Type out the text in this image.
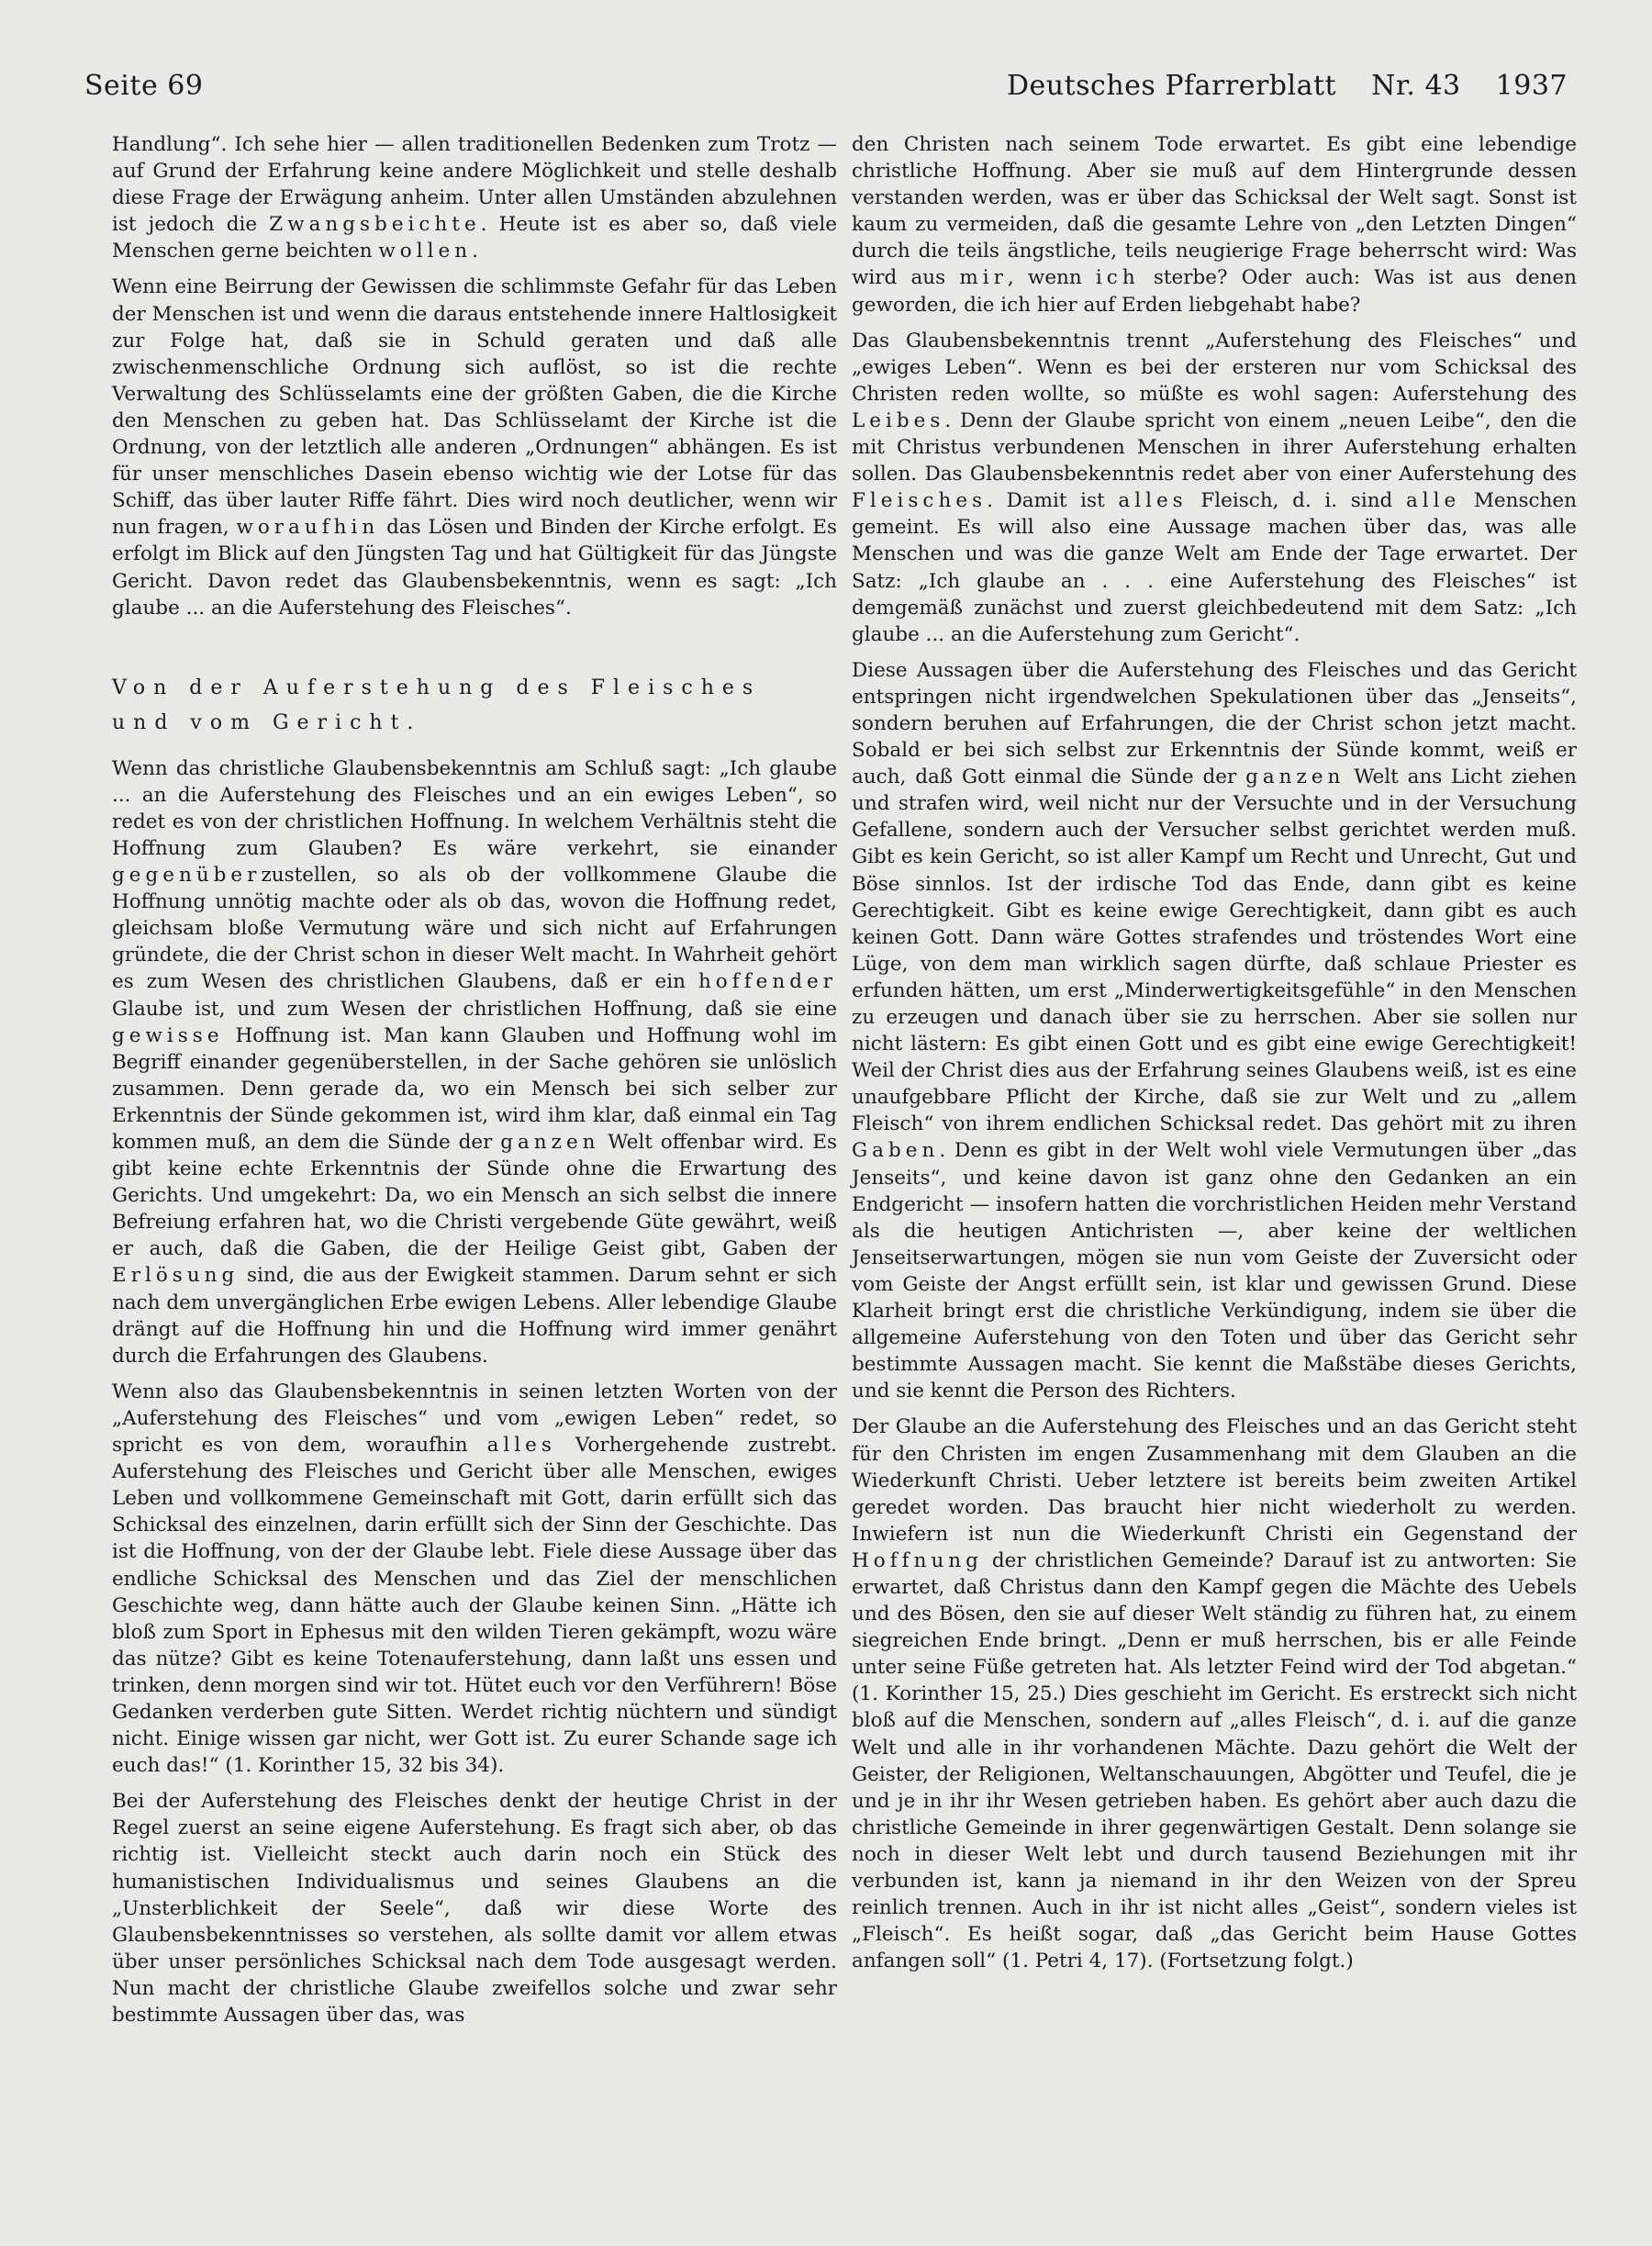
Seite 69	Deutsches Pfarrerblatt Nr. 43 1937

Handlung“. Ich sehe hier — allen traditionellen Bedenken zum Trotz — auf Grund der Erfahrung keine andere Möglichkeit und stelle deshalb diese Frage der Erwägung anheim. Unter allen Umständen abzulehnen ist jedoch die Zwangsbeichte. Heute ist es aber so, daß viele Menschen gerne beichten wollen.

Wenn eine Beirrung der Gewissen die schlimmste Gefahr für das Leben der Menschen ist und wenn die daraus entstehende innere Haltlosigkeit zur Folge hat, daß sie in Schuld geraten und daß alle zwischenmenschliche Ordnung sich auflöst, so ist die rechte Verwaltung des Schlüsselamts eine der größten Gaben, die die Kirche den Menschen zu geben hat. Das Schlüsselamt der Kirche ist die Ordnung, von der letztlich alle anderen „Ordnungen“ abhängen. Es ist für unser menschliches Dasein ebenso wichtig wie der Lotse für das Schiff, das über lauter Riffe fährt. Dies wird noch deutlicher, wenn wir nun fragen, woraufhin das Lösen und Binden der Kirche erfolgt. Es erfolgt im Blick auf den Jüngsten Tag und hat Gültigkeit für das Jüngste Gericht. Davon redet das Glaubensbekenntnis, wenn es sagt: „Ich glaube ... an die Auferstehung des Fleisches“.

Von der Auferstehung des Fleisches
und vom Gericht.

Wenn das christliche Glaubensbekenntnis am Schluß sagt: „Ich glaube ... an die Auferstehung des Fleisches und an ein ewiges Leben“, so redet es von der christlichen Hoffnung. In welchem Verhältnis steht die Hoffnung zum Glauben? Es wäre verkehrt, sie einander gegenüberzustellen, so als ob der vollkommene Glaube die Hoffnung unnötig machte oder als ob das, wovon die Hoffnung redet, gleichsam bloße Vermutung wäre und sich nicht auf Erfahrungen gründete, die der Christ schon in dieser Welt macht. In Wahrheit gehört es zum Wesen des christlichen Glaubens, daß er ein hoffender Glaube ist, und zum Wesen der christlichen Hoffnung, daß sie eine gewisse Hoffnung ist. Man kann Glauben und Hoffnung wohl im Begriff einander gegenüberstellen, in der Sache gehören sie unlöslich zusammen. Denn gerade da, wo ein Mensch bei sich selber zur Erkenntnis der Sünde gekommen ist, wird ihm klar, daß einmal ein Tag kommen muß, an dem die Sünde der ganzen Welt offenbar wird. Es gibt keine echte Erkenntnis der Sünde ohne die Erwartung des Gerichts. Und umgekehrt: Da, wo ein Mensch an sich selbst die innere Befreiung erfahren hat, wo die Christi vergebende Güte gewährt, weiß er auch, daß die Gaben, die der Heilige Geist gibt, Gaben der Erlösung sind, die aus der Ewigkeit stammen. Darum sehnt er sich nach dem unvergänglichen Erbe ewigen Lebens. Aller lebendige Glaube drängt auf die Hoffnung hin und die Hoffnung wird immer genährt durch die Erfahrungen des Glaubens.

Wenn also das Glaubensbekenntnis in seinen letzten Worten von der „Auferstehung des Fleisches“ und vom „ewigen Leben“ redet, so spricht es von dem, woraufhin alles Vorhergehende zustrebt. Auferstehung des Fleisches und Gericht über alle Menschen, ewiges Leben und vollkommene Gemeinschaft mit Gott, darin erfüllt sich das Schicksal des einzelnen, darin erfüllt sich der Sinn der Geschichte. Das ist die Hoffnung, von der der Glaube lebt. Fiele diese Aussage über das endliche Schicksal des Menschen und das Ziel der menschlichen Geschichte weg, dann hätte auch der Glaube keinen Sinn. „Hätte ich bloß zum Sport in Ephesus mit den wilden Tieren gekämpft, wozu wäre das nütze? Gibt es keine Totenauferstehung, dann laßt uns essen und trinken, denn morgen sind wir tot. Hütet euch vor den Verführern! Böse Gedanken verderben gute Sitten. Werdet richtig nüchtern und sündigt nicht. Einige wissen gar nicht, wer Gott ist. Zu eurer Schande sage ich euch das!“ (1. Korinther 15, 32 bis 34).

Bei der Auferstehung des Fleisches denkt der heutige Christ in der Regel zuerst an seine eigene Auferstehung. Es fragt sich aber, ob das richtig ist. Vielleicht steckt auch darin noch ein Stück des humanistischen Individualismus und seines Glaubens an die „Unsterblichkeit der Seele“, daß wir diese Worte des Glaubensbekenntnisses so verstehen, als sollte damit vor allem etwas über unser persönliches Schicksal nach dem Tode ausgesagt werden. Nun macht der christliche Glaube zweifellos solche und zwar sehr bestimmte Aussagen über das, was

den Christen nach seinem Tode erwartet. Es gibt eine lebendige christliche Hoffnung. Aber sie muß auf dem Hintergrunde dessen verstanden werden, was er über das Schicksal der Welt sagt. Sonst ist kaum zu vermeiden, daß die gesamte Lehre von „den Letzten Dingen“ durch die teils ängstliche, teils neugierige Frage beherrscht wird: Was wird aus mir, wenn ich sterbe? Oder auch: Was ist aus denen geworden, die ich hier auf Erden liebgehabt habe?

Das Glaubensbekenntnis trennt „Auferstehung des Fleisches“ und „ewiges Leben“. Wenn es bei der ersteren nur vom Schicksal des Christen reden wollte, so müßte es wohl sagen: Auferstehung des Leibes. Denn der Glaube spricht von einem „neuen Leibe“, den die mit Christus verbundenen Menschen in ihrer Auferstehung erhalten sollen. Das Glaubensbekenntnis redet aber von einer Auferstehung des Fleisches. Damit ist alles Fleisch, d. i. sind alle Menschen gemeint. Es will also eine Aussage machen über das, was alle Menschen und was die ganze Welt am Ende der Tage erwartet. Der Satz: „Ich glaube an . . . eine Auferstehung des Fleisches“ ist demgemäß zunächst und zuerst gleichbedeutend mit dem Satz: „Ich glaube ... an die Auferstehung zum Gericht“.

Diese Aussagen über die Auferstehung des Fleisches und das Gericht entspringen nicht irgendwelchen Spekulationen über das „Jenseits“, sondern beruhen auf Erfahrungen, die der Christ schon jetzt macht. Sobald er bei sich selbst zur Erkenntnis der Sünde kommt, weiß er auch, daß Gott einmal die Sünde der ganzen Welt ans Licht ziehen und strafen wird, weil nicht nur der Versuchte und in der Versuchung Gefallene, sondern auch der Versucher selbst gerichtet werden muß. Gibt es kein Gericht, so ist aller Kampf um Recht und Unrecht, Gut und Böse sinnlos. Ist der irdische Tod das Ende, dann gibt es keine Gerechtigkeit. Gibt es keine ewige Gerechtigkeit, dann gibt es auch keinen Gott. Dann wäre Gottes strafendes und tröstendes Wort eine Lüge, von dem man wirklich sagen dürfte, daß schlaue Priester es erfunden hätten, um erst „Minderwertigkeitsgefühle“ in den Menschen zu erzeugen und danach über sie zu herrschen. Aber sie sollen nur nicht lästern: Es gibt einen Gott und es gibt eine ewige Gerechtigkeit! Weil der Christ dies aus der Erfahrung seines Glaubens weiß, ist es eine unaufgebbare Pflicht der Kirche, daß sie zur Welt und zu „allem Fleisch“ von ihrem endlichen Schicksal redet. Das gehört mit zu ihren Gaben. Denn es gibt in der Welt wohl viele Vermutungen über „das Jenseits“, und keine davon ist ganz ohne den Gedanken an ein Endgericht — insofern hatten die vorchristlichen Heiden mehr Verstand als die heutigen Antichristen —, aber keine der weltlichen Jenseitserwartungen, mögen sie nun vom Geiste der Zuversicht oder vom Geiste der Angst erfüllt sein, ist klar und gewissen Grund. Diese Klarheit bringt erst die christliche Verkündigung, indem sie über die allgemeine Auferstehung von den Toten und über das Gericht sehr bestimmte Aussagen macht. Sie kennt die Maßstäbe dieses Gerichts, und sie kennt die Person des Richters.

Der Glaube an die Auferstehung des Fleisches und an das Gericht steht für den Christen im engen Zusammenhang mit dem Glauben an die Wiederkunft Christi. Ueber letztere ist bereits beim zweiten Artikel geredet worden. Das braucht hier nicht wiederholt zu werden. Inwiefern ist nun die Wiederkunft Christi ein Gegenstand der Hoffnung der christlichen Gemeinde? Darauf ist zu antworten: Sie erwartet, daß Christus dann den Kampf gegen die Mächte des Uebels und des Bösen, den sie auf dieser Welt ständig zu führen hat, zu einem siegreichen Ende bringt. „Denn er muß herrschen, bis er alle Feinde unter seine Füße getreten hat. Als letzter Feind wird der Tod abgetan.“ (1. Korinther 15, 25.) Dies geschieht im Gericht. Es erstreckt sich nicht bloß auf die Menschen, sondern auf „alles Fleisch“, d. i. auf die ganze Welt und alle in ihr vorhandenen Mächte. Dazu gehört die Welt der Geister, der Religionen, Weltanschauungen, Abgötter und Teufel, die je und je in ihr ihr Wesen getrieben haben. Es gehört aber auch dazu die christliche Gemeinde in ihrer gegenwärtigen Gestalt. Denn solange sie noch in dieser Welt lebt und durch tausend Beziehungen mit ihr verbunden ist, kann ja niemand in ihr den Weizen von der Spreu reinlich trennen. Auch in ihr ist nicht alles „Geist“, sondern vieles ist „Fleisch“. Es heißt sogar, daß „das Gericht beim Hause Gottes anfangen soll“ (1. Petri 4, 17). (Fortsetzung folgt.)
